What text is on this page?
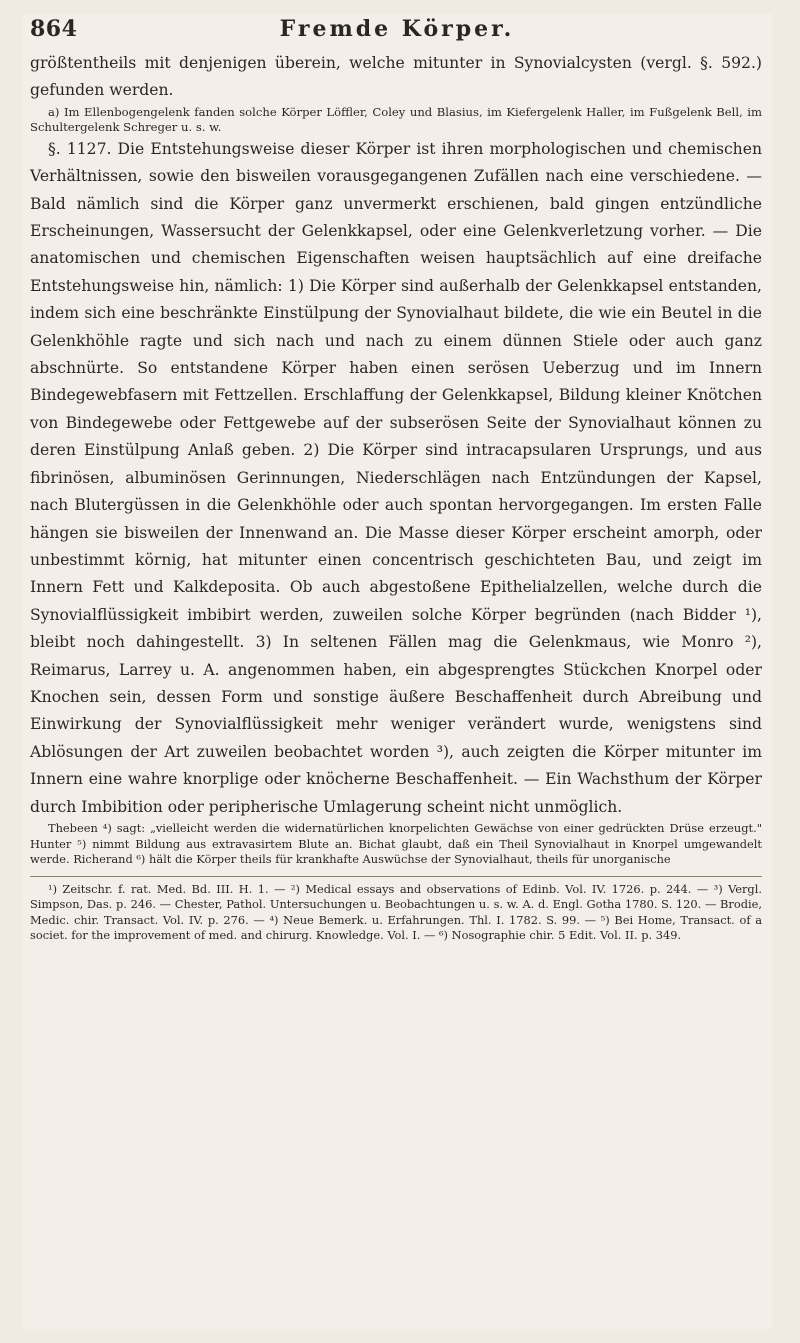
864	Fremde Körper.

größtentheils mit denjenigen überein, welche mitunter in Synovialcysten (vergl. §. 592.) gefunden werden.

a) Im Ellenbogengelenk fanden solche Körper Löffler, Coley und Blasius, im Kiefergelenk Haller, im Fußgelenk Bell, im Schultergelenk Schreger u. s. w.

§. 1127. Die Entstehungsweise dieser Körper ist ihren morphologischen und chemischen Verhältnissen, sowie den bisweilen vorausgegangenen Zufällen nach eine verschiedene. — Bald nämlich sind die Körper ganz unvermerkt erschienen, bald gingen entzündliche Erscheinungen, Wassersucht der Gelenkkapsel, oder eine Gelenkverletzung vorher. — Die anatomischen und chemischen Eigenschaften weisen hauptsächlich auf eine dreifache Entstehungsweise hin, nämlich: 1) Die Körper sind außerhalb der Gelenkkapsel entstanden, indem sich eine beschränkte Einstülpung der Synovialhaut bildete, die wie ein Beutel in die Gelenkhöhle ragte und sich nach und nach zu einem dünnen Stiele oder auch ganz abschnürte. So entstandene Körper haben einen serösen Ueberzug und im Innern Bindegewebfasern mit Fettzellen. Erschlaffung der Gelenkkapsel, Bildung kleiner Knötchen von Bindegewebe oder Fettgewebe auf der subserösen Seite der Synovialhaut können zu deren Einstülpung Anlaß geben. 2) Die Körper sind intracapsularen Ursprungs, und aus fibrinösen, albuminösen Gerinnungen, Niederschlägen nach Entzündungen der Kapsel, nach Blutergüssen in die Gelenkhöhle oder auch spontan hervorgegangen. Im ersten Falle hängen sie bisweilen der Innenwand an. Die Masse dieser Körper erscheint amorph, oder unbestimmt körnig, hat mitunter einen concentrisch geschichteten Bau, und zeigt im Innern Fett und Kalkdeposita. Ob auch abgestoßene Epithelialzellen, welche durch die Synovialflüssigkeit imbibirt werden, zuweilen solche Körper begründen (nach Bidder ¹), bleibt noch dahingestellt. 3) In seltenen Fällen mag die Gelenkmaus, wie Monro ²), Reimarus, Larrey u. A. angenommen haben, ein abgesprengtes Stückchen Knorpel oder Knochen sein, dessen Form und sonstige äußere Beschaffenheit durch Abreibung und Einwirkung der Synovialflüssigkeit mehr weniger verändert wurde, wenigstens sind Ablösungen der Art zuweilen beobachtet worden ³), auch zeigten die Körper mitunter im Innern eine wahre knorplige oder knöcherne Beschaffenheit. — Ein Wachsthum der Körper durch Imbibition oder peripherische Umlagerung scheint nicht unmöglich.

Thebeen ⁴) sagt: „vielleicht werden die widernatürlichen knorpelichten Gewächse von einer gedrückten Drüse erzeugt." Hunter ⁵) nimmt Bildung aus extravasirtem Blute an. Bichat glaubt, daß ein Theil Synovialhaut in Knorpel umgewandelt werde. Richerand ⁶) hält die Körper theils für krankhafte Auswüchse der Synovialhaut, theils für unorganische

¹) Zeitschr. f. rat. Med. Bd. III. H. 1. — ²) Medical essays and observations of Edinb. Vol. IV. 1726. p. 244. — ³) Vergl. Simpson, Das. p. 246. — Chester, Pathol. Untersuchungen u. Beobachtungen u. s. w. A. d. Engl. Gotha 1780. S. 120. — Brodie, Medic. chir. Transact. Vol. IV. p. 276. — ⁴) Neue Bemerk. u. Erfahrungen. Thl. I. 1782. S. 99. — ⁵) Bei Home, Transact. of a societ. for the improvement of med. and chirurg. Knowledge. Vol. I. — ⁶) Nosographie chir. 5 Edit. Vol. II. p. 349.
